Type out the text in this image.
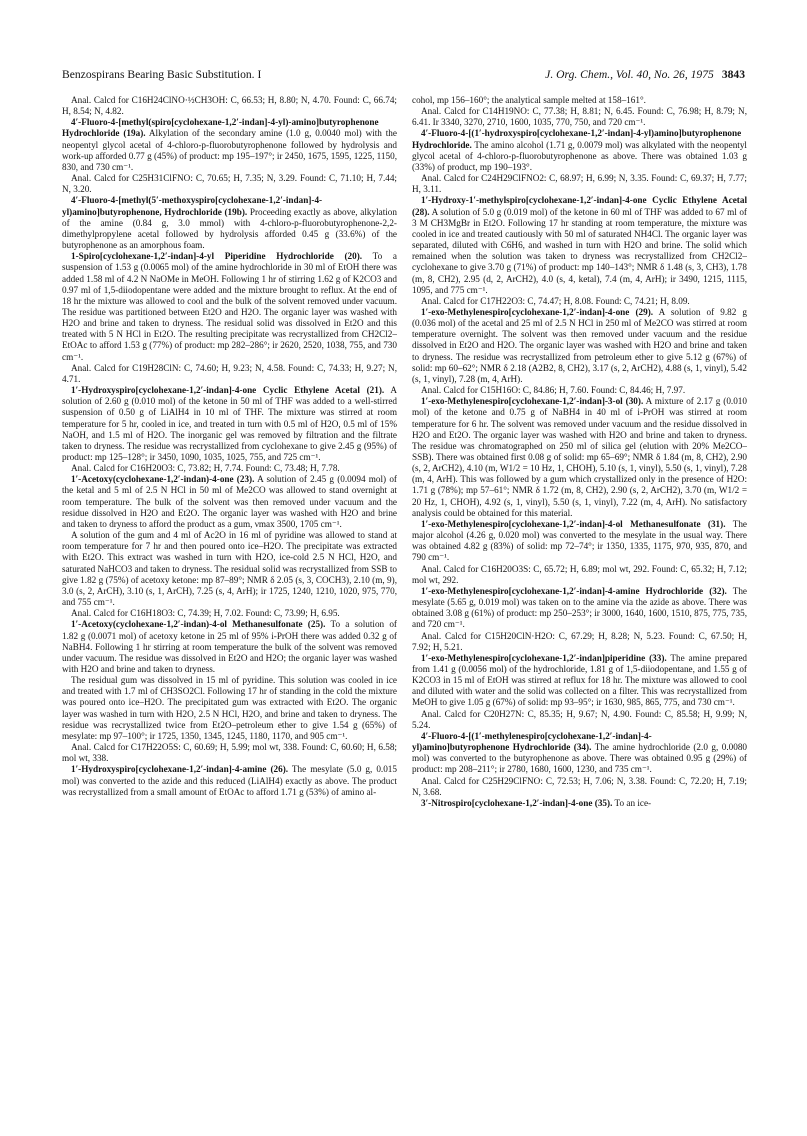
Benzospirans Bearing Basic Substitution. I	J. Org. Chem., Vol. 40, No. 26, 1975 3843

Anal. Calcd for C16H24ClNO·½CH3OH: C, 66.53; H, 8.80; N, 4.70. Found: C, 66.74; H, 8.54; N, 4.82.

4′-Fluoro-4-[methyl(spiro[cyclohexane-1,2′-indan]-4-yl)-amino]butyrophenone Hydrochloride (19a). Alkylation of the secondary amine (1.0 g, 0.0040 mol) with the neopentyl glycol acetal of 4-chloro-p-fluorobutyrophenone followed by hydrolysis and work-up afforded 0.77 g (45%) of product: mp 195–197°; ir 2450, 1675, 1595, 1225, 1150, 830, and 730 cm⁻¹.

Anal. Calcd for C25H31ClFNO: C, 70.65; H, 7.35; N, 3.29. Found: C, 71.10; H, 7.44; N, 3.20.

4′-Fluoro-4-[methyl(5′-methoxyspiro[cyclohexane-1,2′-indan]-4-yl)amino]butyrophenone, Hydrochloride (19b). Proceeding exactly as above, alkylation of the amine (0.84 g, 3.0 mmol) with 4-chloro-p-fluorobutyrophenone-2,2-dimethylpropylene acetal followed by hydrolysis afforded 0.45 g (33.6%) of the butyrophenone as an amorphous foam.

1-Spiro[cyclohexane-1,2′-indan]-4-yl Piperidine Hydrochloride (20). To a suspension of 1.53 g (0.0065 mol) of the amine hydrochloride in 30 ml of EtOH there was added 1.58 ml of 4.2 N NaOMe in MeOH. Following 1 hr of stirring 1.62 g of K2CO3 and 0.97 ml of 1,5-diiodopentane were added and the mixture brought to reflux. At the end of 18 hr the mixture was allowed to cool and the bulk of the solvent removed under vacuum. The residue was partitioned between Et2O and H2O. The organic layer was washed with H2O and brine and taken to dryness. The residual solid was dissolved in Et2O and this treated with 5 N HCl in Et2O. The resulting precipitate was recrystallized from CH2Cl2–EtOAc to afford 1.53 g (77%) of product: mp 282–286°; ir 2620, 2520, 1038, 755, and 730 cm⁻¹.

Anal. Calcd for C19H28ClN: C, 74.60; H, 9.23; N, 4.58. Found: C, 74.33; H, 9.27; N, 4.71.

1′-Hydroxyspiro[cyclohexane-1,2′-indan]-4-one Cyclic Ethylene Acetal (21). A solution of 2.60 g (0.010 mol) of the ketone in 50 ml of THF was added to a well-stirred suspension of 0.50 g of LiAlH4 in 10 ml of THF. The mixture was stirred at room temperature for 5 hr, cooled in ice, and treated in turn with 0.5 ml of H2O, 0.5 ml of 15% NaOH, and 1.5 ml of H2O. The inorganic gel was removed by filtration and the filtrate taken to dryness. The residue was recrystallized from cyclohexane to give 2.45 g (95%) of product: mp 125–128°; ir 3450, 1090, 1035, 1025, 755, and 725 cm⁻¹.

Anal. Calcd for C16H20O3: C, 73.82; H, 7.74. Found: C, 73.48; H, 7.78.

1′-Acetoxy(cyclohexane-1,2′-indan)-4-one (23). A solution of 2.45 g (0.0094 mol) of the ketal and 5 ml of 2.5 N HCl in 50 ml of Me2CO was allowed to stand overnight at room temperature. The bulk of the solvent was then removed under vacuum and the residue dissolved in H2O and Et2O. The organic layer was washed with H2O and brine and taken to dryness to afford the product as a gum, νmax 3500, 1705 cm⁻¹.

A solution of the gum and 4 ml of Ac2O in 16 ml of pyridine was allowed to stand at room temperature for 7 hr and then poured onto ice–H2O. The precipitate was extracted with Et2O. This extract was washed in turn with H2O, ice-cold 2.5 N HCl, H2O, and saturated NaHCO3 and taken to dryness. The residual solid was recrystallized from SSB to give 1.82 g (75%) of acetoxy ketone: mp 87–89°; NMR δ 2.05 (s, 3, COCH3), 2.10 (m, 9), 3.0 (s, 2, ArCH), 3.10 (s, 1, ArCH), 7.25 (s, 4, ArH); ir 1725, 1240, 1210, 1020, 975, 770, and 755 cm⁻¹.

Anal. Calcd for C16H18O3: C, 74.39; H, 7.02. Found: C, 73.99; H, 6.95.

1′-Acetoxy(cyclohexane-1,2′-indan)-4-ol Methanesulfonate (25). To a solution of 1.82 g (0.0071 mol) of acetoxy ketone in 25 ml of 95% i-PrOH there was added 0.32 g of NaBH4. Following 1 hr stirring at room temperature the bulk of the solvent was removed under vacuum. The residue was dissolved in Et2O and H2O; the organic layer was washed with H2O and brine and taken to dryness.

The residual gum was dissolved in 15 ml of pyridine. This solution was cooled in ice and treated with 1.7 ml of CH3SO2Cl. Following 17 hr of standing in the cold the mixture was poured onto ice–H2O. The precipitated gum was extracted with Et2O. The organic layer was washed in turn with H2O, 2.5 N HCl, H2O, and brine and taken to dryness. The residue was recrystallized twice from Et2O–petroleum ether to give 1.54 g (65%) of mesylate: mp 97–100°; ir 1725, 1350, 1345, 1245, 1180, 1170, and 905 cm⁻¹.

Anal. Calcd for C17H22O5S: C, 60.69; H, 5.99; mol wt, 338. Found: C, 60.60; H, 6.58; mol wt, 338.

1′-Hydroxyspiro[cyclohexane-1,2′-indan]-4-amine (26). The mesylate (5.0 g, 0.015 mol) was converted to the azide and this reduced (LiAlH4) exactly as above. The product was recrystallized from a small amount of EtOAc to afford 1.71 g (53%) of amino al-

cohol, mp 156–160°; the analytical sample melted at 158–161°.

Anal. Calcd for C14H19NO: C, 77.38; H, 8.81; N, 6.45. Found: C, 76.98; H, 8.79; N, 6.41. Ir 3340, 3270, 2710, 1600, 1035, 770, 750, and 720 cm⁻¹.

4′-Fluoro-4-[(1′-hydroxyspiro[cyclohexane-1,2′-indan]-4-yl)amino]butyrophenone Hydrochloride. The amino alcohol (1.71 g, 0.0079 mol) was alkylated with the neopentyl glycol acetal of 4-chloro-p-fluorobutyrophenone as above. There was obtained 1.03 g (33%) of product, mp 190–193°.

Anal. Calcd for C24H29ClFNO2: C, 68.97; H, 6.99; N, 3.35. Found: C, 69.37; H, 7.77; H, 3.11.

1′-Hydroxy-1′-methylspiro[cyclohexane-1,2′-indan]-4-one Cyclic Ethylene Acetal (28). A solution of 5.0 g (0.019 mol) of the ketone in 60 ml of THF was added to 67 ml of 3 M CH3MgBr in Et2O. Following 17 hr standing at room temperature, the mixture was cooled in ice and treated cautiously with 50 ml of saturated NH4Cl. The organic layer was separated, diluted with C6H6, and washed in turn with H2O and brine. The solid which remained when the solution was taken to dryness was recrystallized from CH2Cl2–cyclohexane to give 3.70 g (71%) of product: mp 140–143°; NMR δ 1.48 (s, 3, CH3), 1.78 (m, 8, CH2), 2.95 (d, 2, ArCH2), 4.0 (s, 4, ketal), 7.4 (m, 4, ArH); ir 3490, 1215, 1115, 1095, and 775 cm⁻¹.

Anal. Calcd for C17H22O3: C, 74.47; H, 8.08. Found: C, 74.21; H, 8.09.

1′-exo-Methylenespiro[cyclohexane-1,2′-indan]-4-one (29). A solution of 9.82 g (0.036 mol) of the acetal and 25 ml of 2.5 N HCl in 250 ml of Me2CO was stirred at room temperature overnight. The solvent was then removed under vacuum and the residue dissolved in Et2O and H2O. The organic layer was washed with H2O and brine and taken to dryness. The residue was recrystallized from petroleum ether to give 5.12 g (67%) of solid: mp 60–62°; NMR δ 2.18 (A2B2, 8, CH2), 3.17 (s, 2, ArCH2), 4.88 (s, 1, vinyl), 5.42 (s, 1, vinyl), 7.28 (m, 4, ArH).

Anal. Calcd for C15H16O: C, 84.86; H, 7.60. Found: C, 84.46; H, 7.97.

1′-exo-Methylenespiro[cyclohexane-1,2′-indan]-3-ol (30). A mixture of 2.17 g (0.010 mol) of the ketone and 0.75 g of NaBH4 in 40 ml of i-PrOH was stirred at room temperature for 6 hr. The solvent was removed under vacuum and the residue dissolved in H2O and Et2O. The organic layer was washed with H2O and brine and taken to dryness. The residue was chromatographed on 250 ml of silica gel (elution with 20% Me2CO–SSB). There was obtained first 0.08 g of solid: mp 65–69°; NMR δ 1.84 (m, 8, CH2), 2.90 (s, 2, ArCH2), 4.10 (m, W1/2 = 10 Hz, 1, CHOH), 5.10 (s, 1, vinyl), 5.50 (s, 1, vinyl), 7.28 (m, 4, ArH). This was followed by a gum which crystallized only in the presence of H2O: 1.71 g (78%); mp 57–61°; NMR δ 1.72 (m, 8, CH2), 2.90 (s, 2, ArCH2), 3.70 (m, W1/2 = 20 Hz, 1, CHOH), 4.92 (s, 1, vinyl), 5.50 (s, 1, vinyl), 7.22 (m, 4, ArH). No satisfactory analysis could be obtained for this material.

1′-exo-Methylenespiro[cyclohexane-1,2′-indan]-4-ol Methanesulfonate (31). The major alcohol (4.26 g, 0.020 mol) was converted to the mesylate in the usual way. There was obtained 4.82 g (83%) of solid: mp 72–74°; ir 1350, 1335, 1175, 970, 935, 870, and 790 cm⁻¹.

Anal. Calcd for C16H20O3S: C, 65.72; H, 6.89; mol wt, 292. Found: C, 65.32; H, 7.12; mol wt, 292.

1′-exo-Methylenespiro[cyclohexane-1,2′-indan]-4-amine Hydrochloride (32). The mesylate (5.65 g, 0.019 mol) was taken on to the amine via the azide as above. There was obtained 3.08 g (61%) of product: mp 250–253°; ir 3000, 1640, 1600, 1510, 875, 775, 735, and 720 cm⁻¹.

Anal. Calcd for C15H20ClN·H2O: C, 67.29; H, 8.28; N, 5.23. Found: C, 67.50; H, 7.92; H, 5.21.

1′-exo-Methylenespiro[cyclohexane-1,2′-indan]piperidine (33). The amine prepared from 1.41 g (0.0056 mol) of the hydrochloride, 1.81 g of 1,5-diiodopentane, and 1.55 g of K2CO3 in 15 ml of EtOH was stirred at reflux for 18 hr. The mixture was allowed to cool and diluted with water and the solid was collected on a filter. This was recrystallized from MeOH to give 1.05 g (67%) of solid: mp 93–95°; ir 1630, 985, 865, 775, and 730 cm⁻¹.

Anal. Calcd for C20H27N: C, 85.35; H, 9.67; N, 4.90. Found: C, 85.58; H, 9.99; N, 5.24.

4′-Fluoro-4-[(1′-methylenespiro[cyclohexane-1,2′-indan]-4-yl)amino]butyrophenone Hydrochloride (34). The amine hydrochloride (2.0 g, 0.0080 mol) was converted to the butyrophenone as above. There was obtained 0.95 g (29%) of product: mp 208–211°; ir 2780, 1680, 1600, 1230, and 735 cm⁻¹.

Anal. Calcd for C25H29ClFNO: C, 72.53; H, 7.06; N, 3.38. Found: C, 72.20; H, 7.19; N, 3.68.

3′-Nitrospiro[cyclohexane-1,2′-indan]-4-one (35). To an ice-
